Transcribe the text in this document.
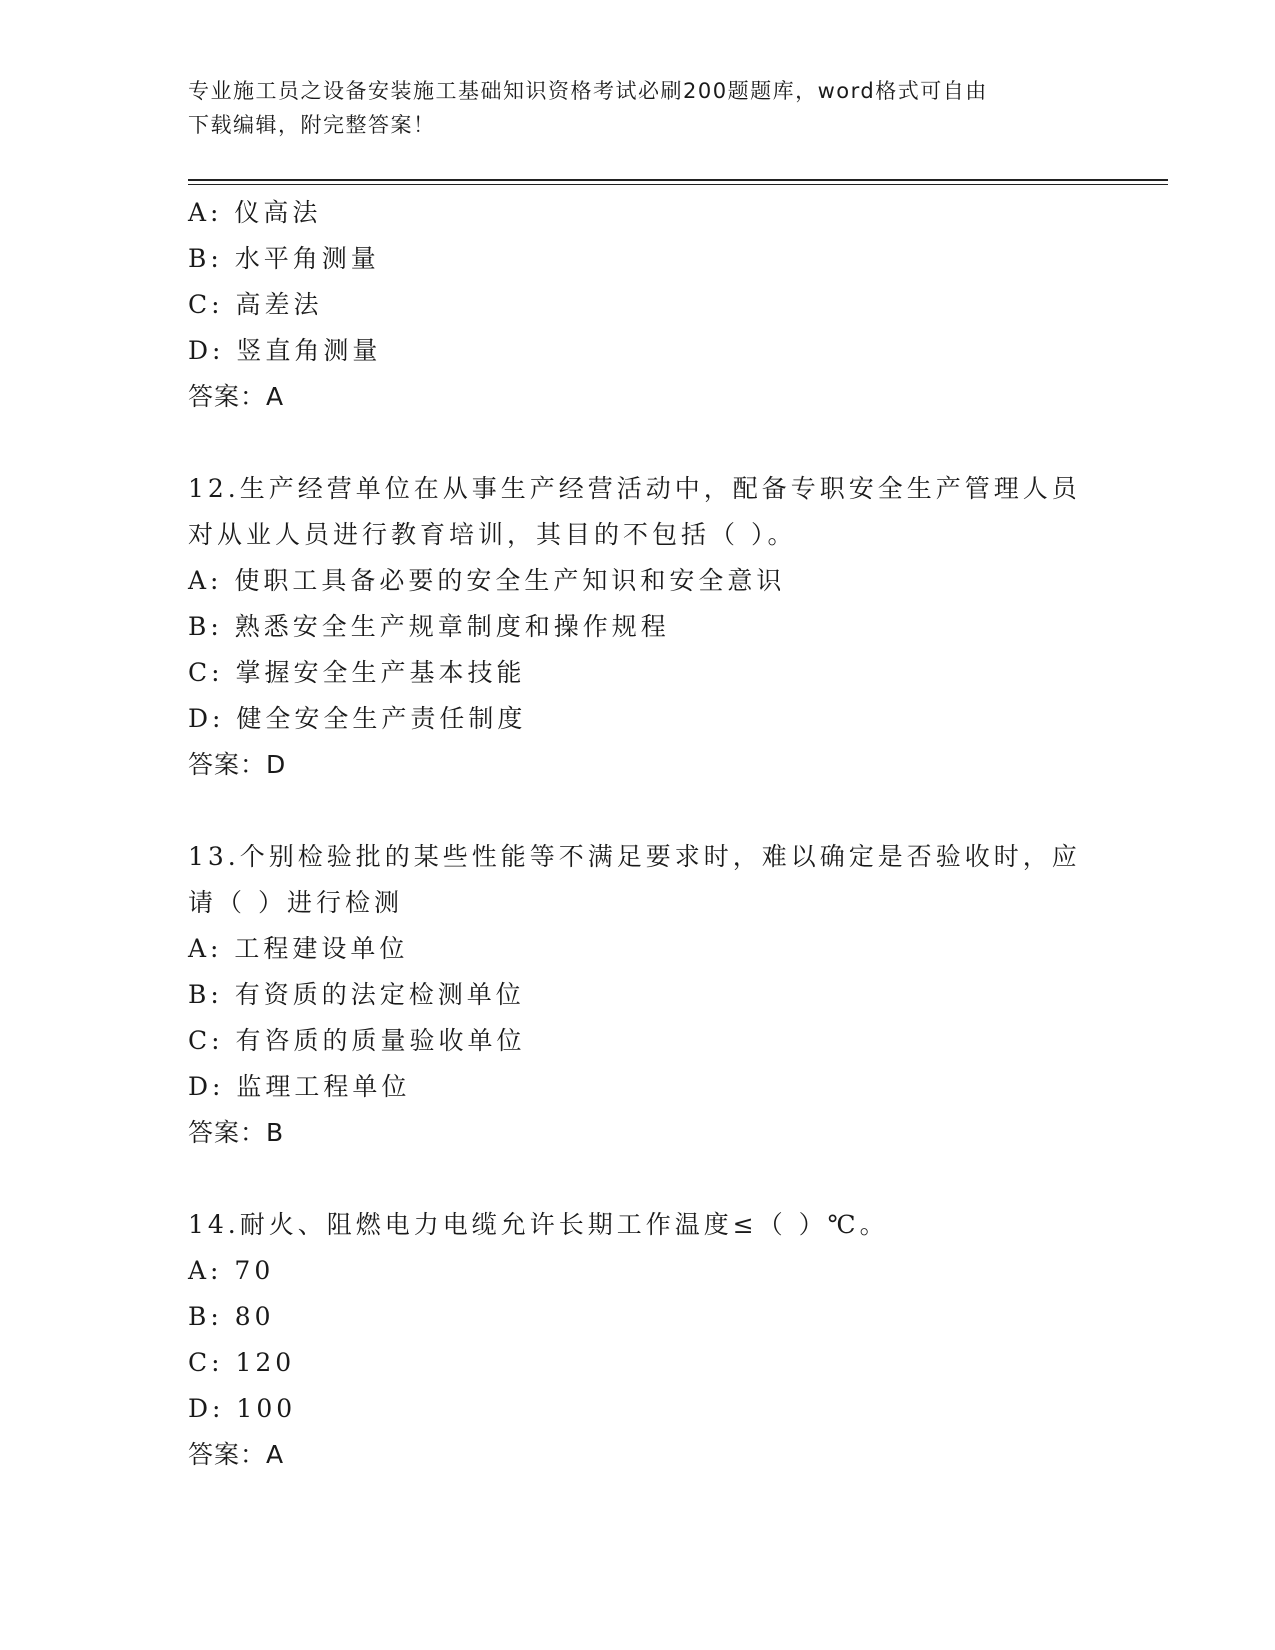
专业施工员之设备安装施工基础知识资格考试必刷200题题库，word格式可自由
下载编辑，附完整答案！
A: 仪高法
B: 水平角测量
C: 高差法
D: 竖直角测量
答案：A
12.生产经营单位在从事生产经营活动中，配备专职安全生产管理人员
对从业人员进行教育培训，其目的不包括（ ）。
A: 使职工具备必要的安全生产知识和安全意识
B: 熟悉安全生产规章制度和操作规程
C: 掌握安全生产基本技能
D: 健全安全生产责任制度
答案：D
13.个别检验批的某些性能等不满足要求时，难以确定是否验收时，应
请（ ）进行检测
A: 工程建设单位
B: 有资质的法定检测单位
C: 有咨质的质量验收单位
D: 监理工程单位
答案：B
14.耐火、阻燃电力电缆允许长期工作温度≤（ ）℃。
A: 70
B: 80
C: 120
D: 100
答案：A
